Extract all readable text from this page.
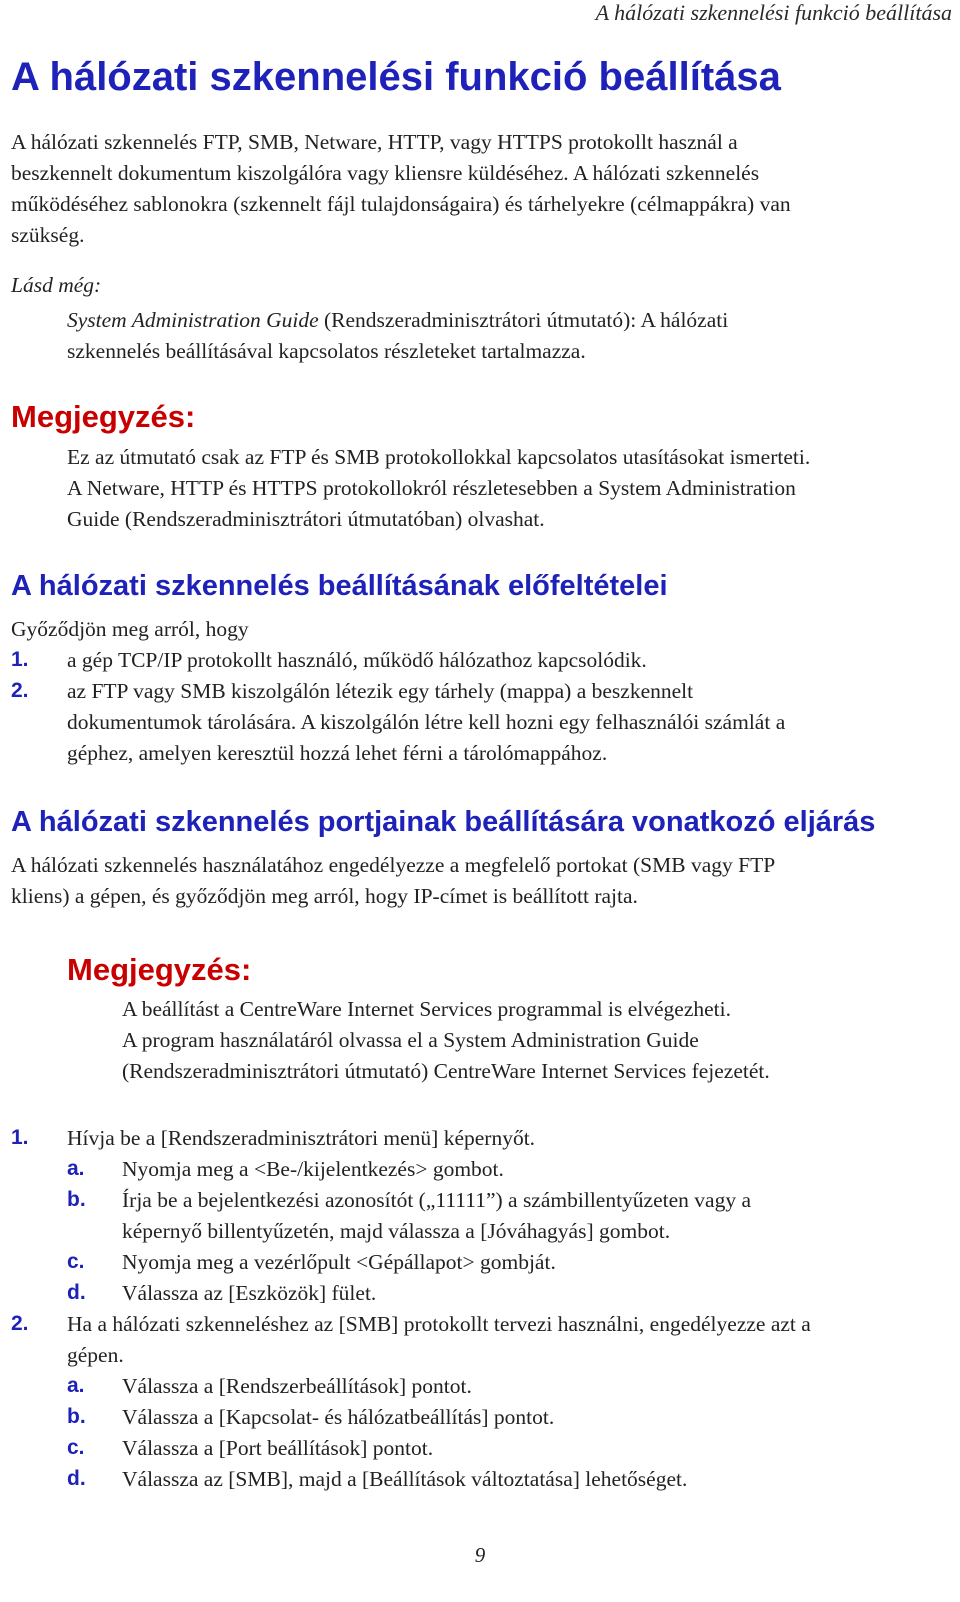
A hálózati szkennelési funkció beállítása
A hálózati szkennelési funkció beállítása
A hálózati szkennelés FTP, SMB, Netware, HTTP, vagy HTTPS protokollt használ a
beszkennelt dokumentum kiszolgálóra vagy kliensre küldéséhez. A hálózati szkennelés
működéséhez sablonokra (szkennelt fájl tulajdonságaira) és tárhelyekre (célmappákra) van
szükség.
Lásd még:
System Administration Guide (Rendszeradminisztrátori útmutató): A hálózati
szkennelés beállításával kapcsolatos részleteket tartalmazza.
Megjegyzés:
Ez az útmutató csak az FTP és SMB protokollokkal kapcsolatos utasításokat ismerteti.
A Netware, HTTP és HTTPS protokollokról részletesebben a System Administration
Guide (Rendszeradminisztrátori útmutatóban) olvashat.
A hálózati szkennelés beállításának előfeltételei
Győződjön meg arról, hogy
1. a gép TCP/IP protokollt használó, működő hálózathoz kapcsolódik.
2. az FTP vagy SMB kiszolgálón létezik egy tárhely (mappa) a beszkennelt
dokumentumok tárolására. A kiszolgálón létre kell hozni egy felhasználói számlát a
géphez, amelyen keresztül hozzá lehet férni a tárolómappához.
A hálózati szkennelés portjainak beállítására vonatkozó eljárás
A hálózati szkennelés használatához engedélyezze a megfelelő portokat (SMB vagy FTP
kliens) a gépen, és győződjön meg arról, hogy IP-címet is beállított rajta.
Megjegyzés:
A beállítást a CentreWare Internet Services programmal is elvégezheti.
A program használatáról olvassa el a System Administration Guide
(Rendszeradminisztrátori útmutató) CentreWare Internet Services fejezetét.
1. Hívja be a [Rendszeradminisztrátori menü] képernyőt.
a. Nyomja meg a <Be-/kijelentkezés> gombot.
b. Írja be a bejelentkezési azonosítót („11111”) a számbillentyűzeten vagy a
képernyő billentyűzetén, majd válassza a [Jóváhagyás] gombot.
c. Nyomja meg a vezérlőpult <Gépállapot> gombját.
d. Válassza az [Eszközök] fület.
2. Ha a hálózati szkenneléshez az [SMB] protokollt tervezi használni, engedélyezze azt a
gépen.
a. Válassza a [Rendszerbeállítások] pontot.
b. Válassza a [Kapcsolat- és hálózatbeállítás] pontot.
c. Válassza a [Port beállítások] pontot.
d. Válassza az [SMB], majd a [Beállítások változtatása] lehetőséget.
9
